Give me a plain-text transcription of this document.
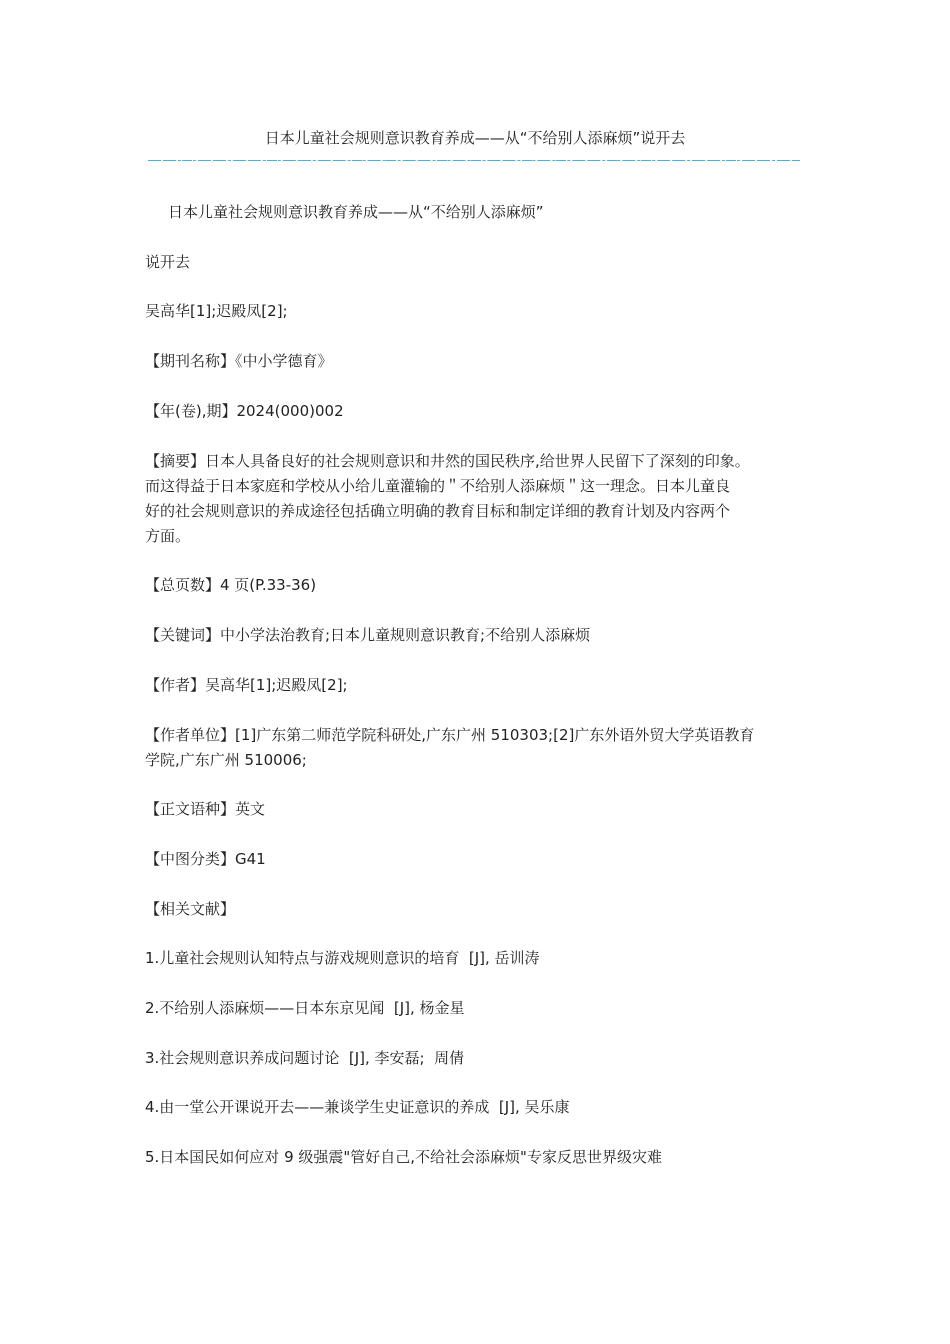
日本儿童社会规则意识教育养成——从“不给别人添麻烦”说开去
日本儿童社会规则意识教育养成——从“不给别人添麻烦”
说开去
吴高华[1];迟殿凤[2];
【期刊名称】《中小学德育》
【年(卷),期】2024(000)002
【摘要】日本人具备良好的社会规则意识和井然的国民秩序,给世界人民留下了深刻的印象。
而这得益于日本家庭和学校从小给儿童灌输的＂不给别人添麻烦＂这一理念。日本儿童良
好的社会规则意识的养成途径包括确立明确的教育目标和制定详细的教育计划及内容两个
方面。
【总页数】4 页(P.33-36)
【关键词】中小学法治教育;日本儿童规则意识教育;不给别人添麻烦
【作者】吴高华[1];迟殿凤[2];
【作者单位】[1]广东第二师范学院科研处,广东广州 510303;[2]广东外语外贸大学英语教育
学院,广东广州 510006;
【正文语种】英文
【中图分类】G41
【相关文献】
1.儿童社会规则认知特点与游戏规则意识的培育  [J], 岳训涛
2.不给别人添麻烦——日本东京见闻  [J], 杨金星
3.社会规则意识养成问题讨论  [J], 李安磊;  周倩
4.由一堂公开课说开去——兼谈学生史证意识的养成  [J], 吴乐康
5.日本国民如何应对 9 级强震"管好自己,不给社会添麻烦"专家反思世界级灾难
